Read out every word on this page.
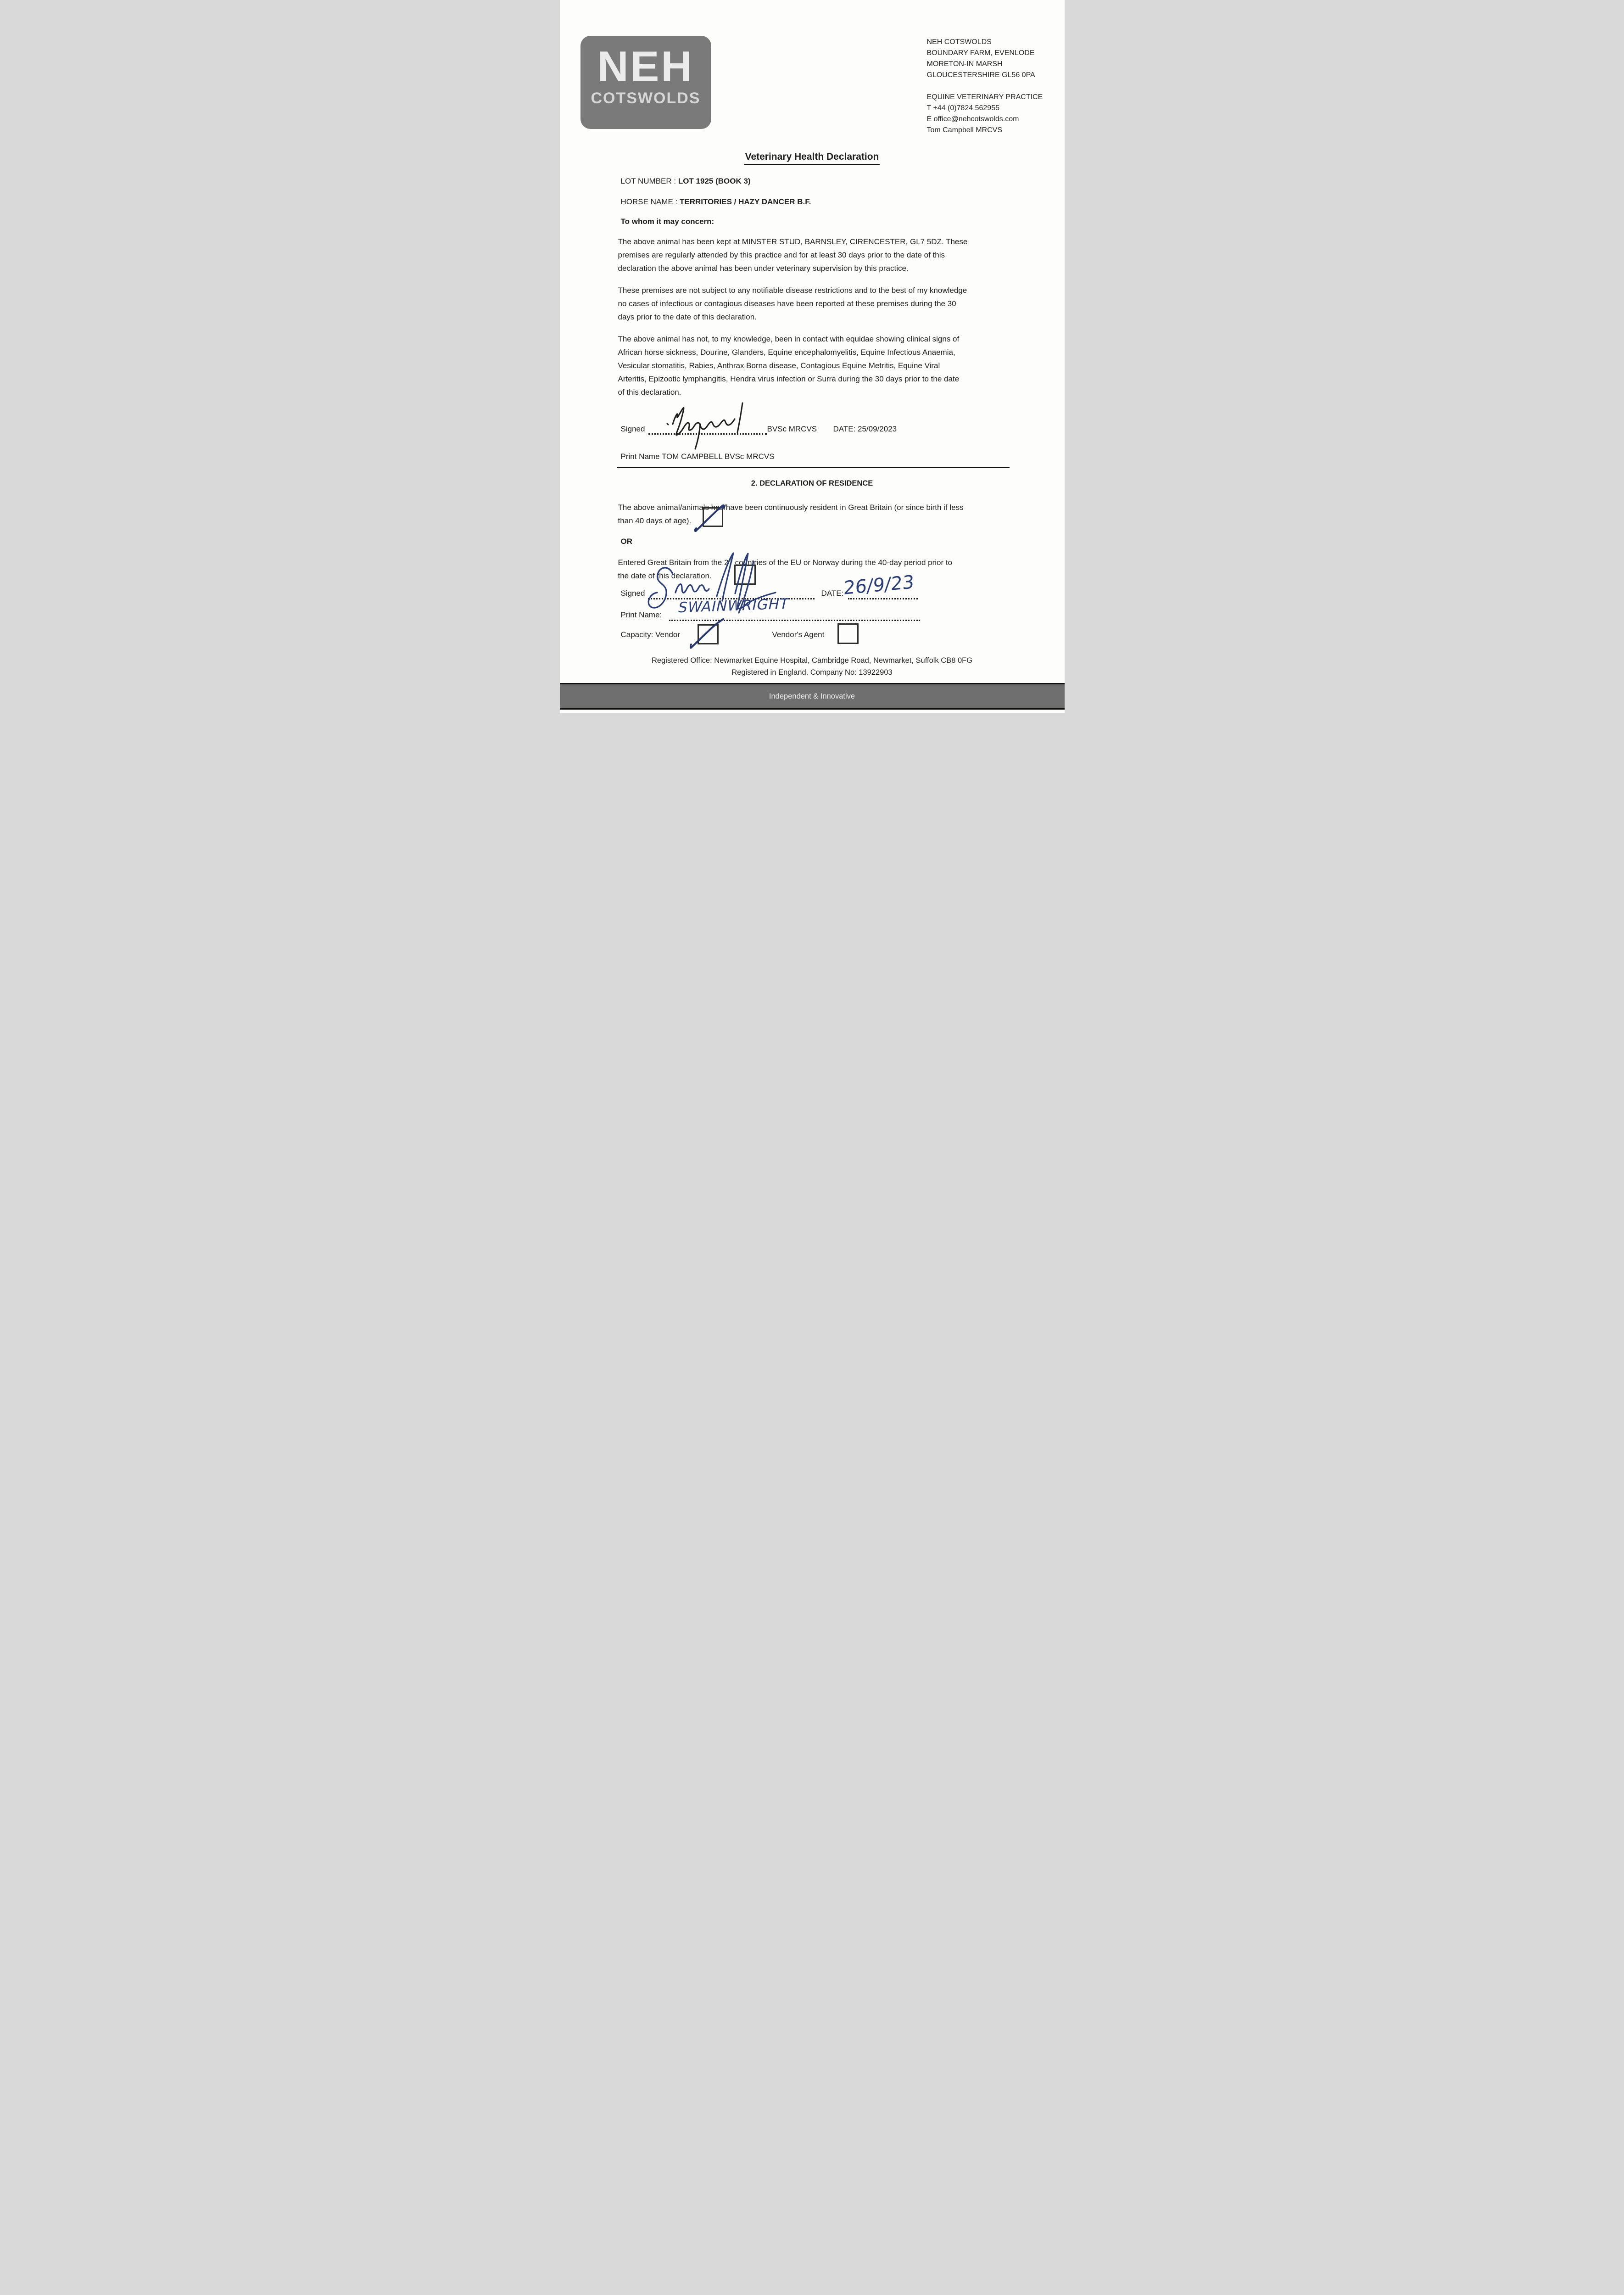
NEH
COTSWOLDS
NEH COTSWOLDS
BOUNDARY FARM, EVENLODE
MORETON-IN MARSH
GLOUCESTERSHIRE GL56 0PA
EQUINE VETERINARY PRACTICE
T +44 (0)7824 562955
E office@nehcotswolds.com
Tom Campbell MRCVS
Veterinary Health Declaration
LOT NUMBER : LOT 1925 (BOOK 3)
HORSE NAME : TERRITORIES / HAZY DANCER B.F.
To whom it may concern:
The above animal has been kept at MINSTER STUD, BARNSLEY, CIRENCESTER, GL7 5DZ. These
premises are regularly attended by this practice and for at least 30 days prior to the date of this
declaration the above animal has been under veterinary supervision by this practice.
These premises are not subject to any notifiable disease restrictions and to the best of my knowledge
no cases of infectious or contagious diseases have been reported at these premises during the 30
days prior to the date of this declaration.
The above animal has not, to my knowledge, been in contact with equidae showing clinical signs of
African horse sickness, Dourine, Glanders, Equine encephalomyelitis, Equine Infectious Anaemia,
Vesicular stomatitis, Rabies, Anthrax Borna disease, Contagious Equine Metritis, Equine Viral
Arteritis, Epizootic lymphangitis, Hendra virus infection or Surra during the 30 days prior to the date
of this declaration.
Signed	BVSc MRCVS DATE: 25/09/2023
Print Name TOM CAMPBELL BVSc MRCVS
2. DECLARATION OF RESIDENCE
The above animal/animals has/have been continuously resident in Great Britain (or since birth if less
than 40 days of age).
OR
Entered Great Britain from the 27 countries of the EU or Norway during the 40-day period prior to
the date of this declaration.
Signed	DATE:
26/9/23
Print Name: SWAINWRIGHT
Capacity: Vendor	Vendor's Agent
Registered Office: Newmarket Equine Hospital, Cambridge Road, Newmarket, Suffolk CB8 0FG
Registered in England. Company No: 13922903
Independent & Innovative
